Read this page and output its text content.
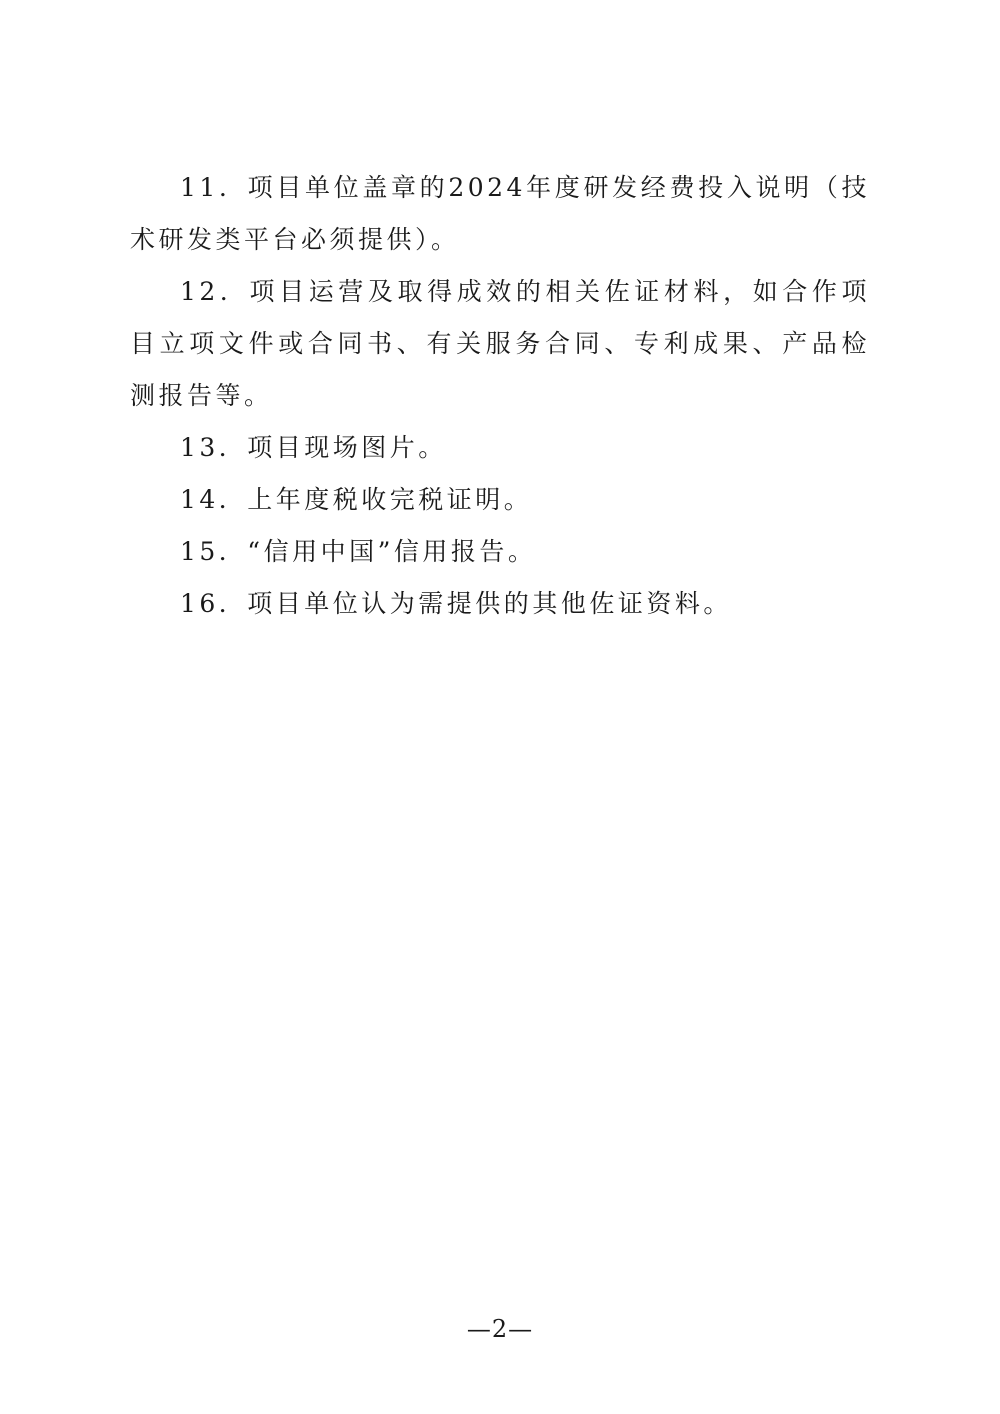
11．项目单位盖章的2024年度研发经费投入说明（技术研发类平台必须提供）。

12．项目运营及取得成效的相关佐证材料，如合作项目立项文件或合同书、有关服务合同、专利成果、产品检测报告等。

13．项目现场图片。

14．上年度税收完税证明。

15．“信用中国”信用报告。

16．项目单位认为需提供的其他佐证资料。

—2—
